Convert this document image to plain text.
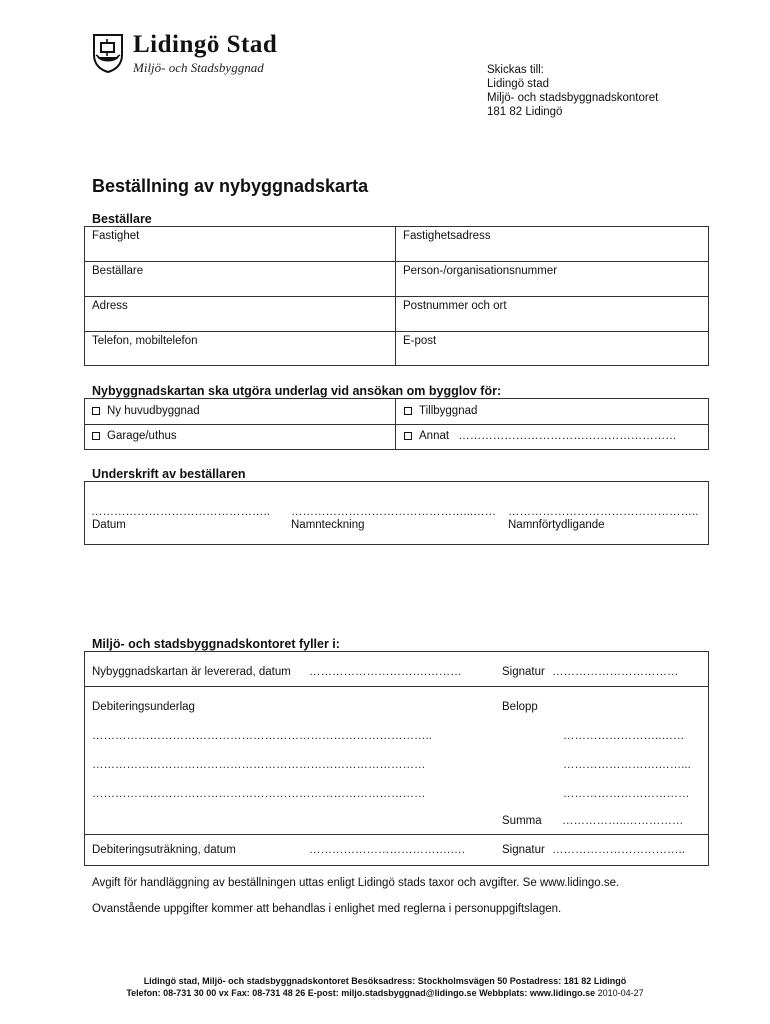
Lidingö Stad
Miljö- och Stadsbyggnad	Skickas till:
Lidingö stad
Miljö- och stadsbyggnadskontoret
181 82 Lidingö
Beställning av nybyggnadskarta
Beställare
Fastighet	Fastighetsadress
Beställare	Person-/organisationsnummer
Adress	Postnummer och ort
Telefon, mobiltelefon	E-post
Nybyggnadskartan ska utgöra underlag vid ansökan om bygglov för:
Ny huvudbyggnad	Tillbyggnad
Garage/uthus	Annat …………………………………………………
Underskrift av beställaren
………………………………………..
Datum
………………………………………...……
Namnteckning
…………………………………………..
Namnförtydligande
Miljö- och stadsbyggnadskontoret fyller i:
Nybyggnadskartan är levererad, datum ………………………….………	Signatur ……………………………
Debiteringsunderlag	Belopp
……………………………………………………………………………..	……………………..……
……………………………………………………………………………	…………………….……...
……………………………………………………………………………	……………………………
Summa ……………..……………
Debiteringsuträkning, datum	……………………………….….	Signatur ……………………………..
Avgift för handläggning av beställningen uttas enligt Lidingö stads taxor och avgifter. Se www.lidingo.se.
Ovanstående uppgifter kommer att behandlas i enlighet med reglerna i personuppgiftslagen.
Lidingö stad, Miljö- och stadsbyggnadskontoret Besöksadress: Stockholmsvägen 50 Postadress: 181 82 Lidingö
Telefon: 08-731 30 00 vx Fax: 08-731 48 26 E-post: miljo.stadsbyggnad@lidingo.se Webbplats: www.lidingo.se 2010-04-27
